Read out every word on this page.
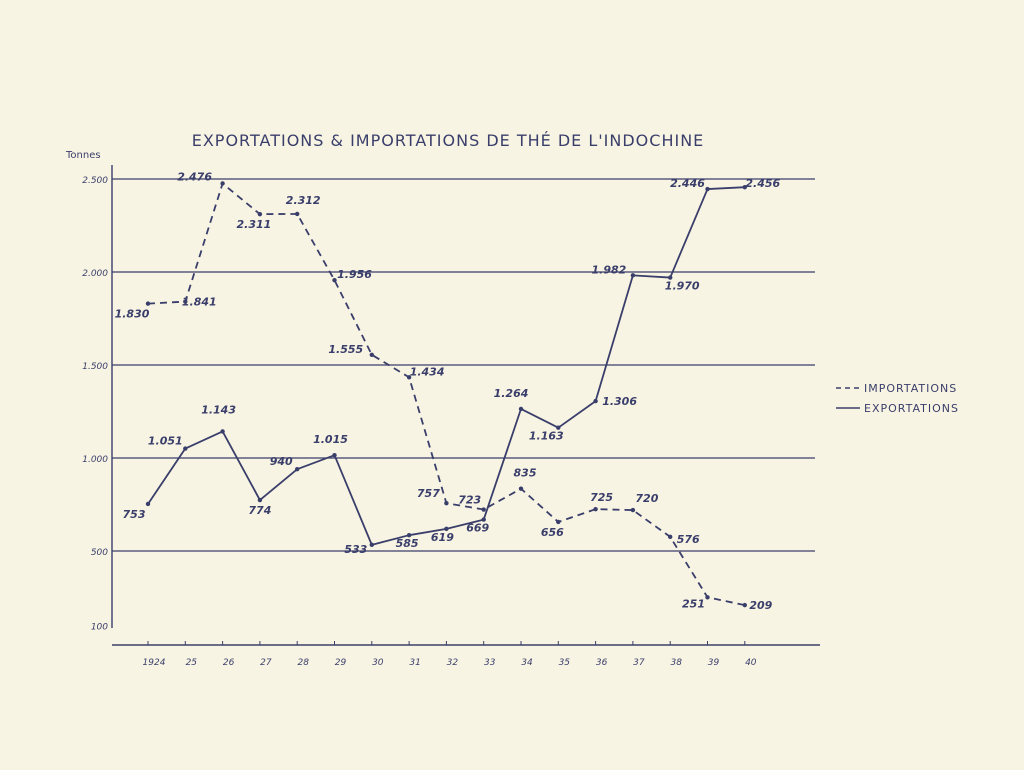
EXPORTATIONS & IMPORTATIONS DE THÉ DE L'INDOCHINE
Tonnes
100
500
1.000
1.500
2.000
2.500
1924 25	26	27	28	29	30	31	32	33	34	35	36	37	38	39	40
1.830
1.841
2.476
2.311
2.312
1.956
1.555
1.434
757 723
835
656
725 720
576
251	209
753
1.051
1.143
774
940
1.015
533	585 619
669
1.264
1.163
1.306
1.982
1.970
2.446	2.456
IMPORTATIONS
EXPORTATIONS
